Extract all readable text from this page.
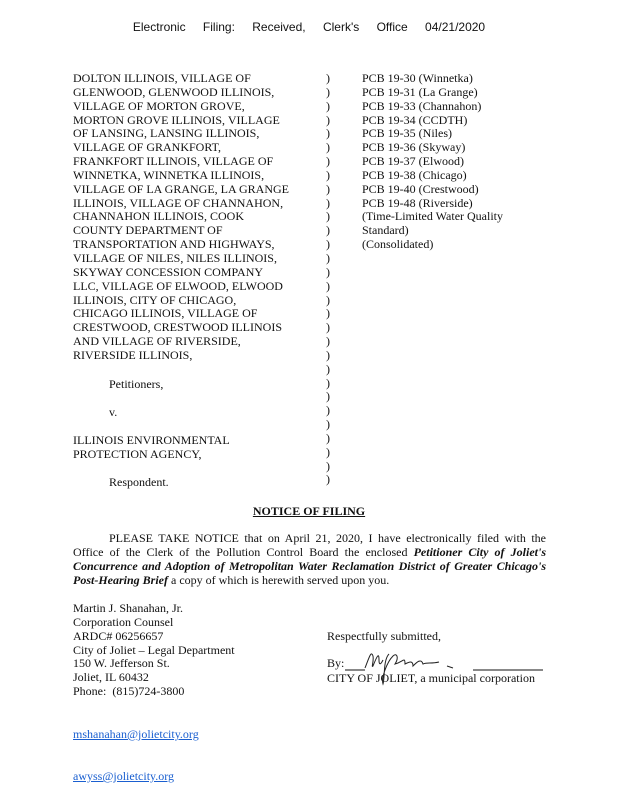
Electronic Filing: Received, Clerk's Office 04/21/2020
DOLTON ILLINOIS, VILLAGE OF
GLENWOOD, GLENWOOD ILLINOIS,
VILLAGE OF MORTON GROVE,
MORTON GROVE ILLINOIS, VILLAGE
OF LANSING, LANSING ILLINOIS,
VILLAGE OF GRANKFORT,
FRANKFORT ILLINOIS, VILLAGE OF
WINNETKA, WINNETKA ILLINOIS,
VILLAGE OF LA GRANGE, LA GRANGE
ILLINOIS, VILLAGE OF CHANNAHON,
CHANNAHON ILLINOIS, COOK
COUNTY DEPARTMENT OF
TRANSPORTATION AND HIGHWAYS,
VILLAGE OF NILES, NILES ILLINOIS,
SKYWAY CONCESSION COMPANY
LLC, VILLAGE OF ELWOOD, ELWOOD
ILLINOIS, CITY OF CHICAGO,
CHICAGO ILLINOIS, VILLAGE OF
CRESTWOOD, CRESTWOOD ILLINOIS
AND VILLAGE OF RIVERSIDE,
RIVERSIDE ILLINOIS,
)
)
)
)
)
)
)
)
)
)
)
)
)
)
)
)
)
)
)
)
)
)
)
)
)
)
)
)
)
)
PCB 19-30 (Winnetka)
PCB 19-31 (La Grange)
PCB 19-33 (Channahon)
PCB 19-34 (CCDTH)
PCB 19-35 (Niles)
PCB 19-36 (Skyway)
PCB 19-37 (Elwood)
PCB 19-38 (Chicago)
PCB 19-40 (Crestwood)
PCB 19-48 (Riverside)
(Time-Limited Water Quality
Standard)
(Consolidated)
Petitioners,
v.
ILLINOIS ENVIRONMENTAL
PROTECTION AGENCY,
Respondent.
NOTICE OF FILING
PLEASE TAKE NOTICE that on April 21, 2020, I have electronically filed with the Office of the Clerk of the Pollution Control Board the enclosed Petitioner City of Joliet's Concurrence and Adoption of Metropolitan Water Reclamation District of Greater Chicago's Post-Hearing Brief a copy of which is herewith served upon you.
Martin J. Shanahan, Jr.
Corporation Counsel
ARDC# 06256657
City of Joliet – Legal Department
150 W. Jefferson St.
Joliet, IL 60432
Phone:  (815)724-3800

mshanahan@jolietcity.org

awyss@jolietcity.org

Respectfully submitted,

CITY OF JOLIET, a municipal corporation

By:
